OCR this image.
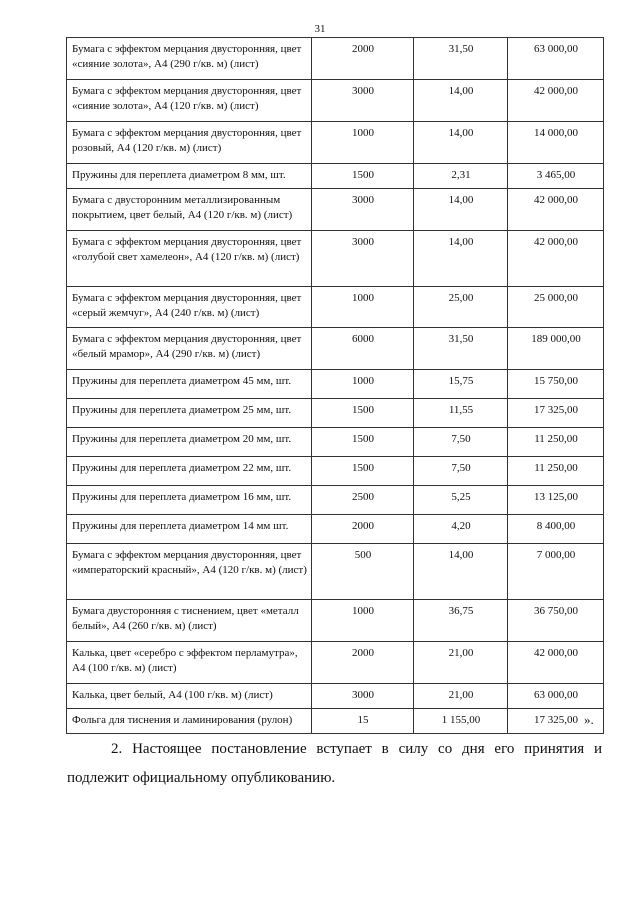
31
Бумага с эффектом мерцания двусторонняя, цвет «сияние золота», А4 (290 г/кв. м) (лист)	2000	31,50	63 000,00
Бумага с эффектом мерцания двусторонняя, цвет «сияние золота», А4 (120 г/кв. м) (лист)	3000	14,00	42 000,00
Бумага с эффектом мерцания двусторонняя, цвет розовый, А4 (120 г/кв. м) (лист)	1000	14,00	14 000,00
Пружины для переплета диаметром 8 мм, шт.	1500	2,31	3 465,00
Бумага с двусторонним металлизированным покрытием, цвет белый, А4 (120 г/кв. м) (лист)	3000	14,00	42 000,00
Бумага с эффектом мерцания двусторонняя, цвет «голубой свет хамелеон», А4 (120 г/кв. м) (лист)	3000	14,00	42 000,00
Бумага с эффектом мерцания двусторонняя, цвет «серый жемчуг», А4 (240 г/кв. м) (лист)	1000	25,00	25 000,00
Бумага с эффектом мерцания двусторонняя, цвет «белый мрамор», А4 (290 г/кв. м) (лист)	6000	31,50	189 000,00
Пружины для переплета диаметром 45 мм, шт.	1000	15,75	15 750,00
Пружины для переплета диаметром 25 мм, шт.	1500	11,55	17 325,00
Пружины для переплета диаметром 20 мм, шт.	1500	7,50	11 250,00
Пружины для переплета диаметром 22 мм, шт.	1500	7,50	11 250,00
Пружины для переплета диаметром 16 мм, шт.	2500	5,25	13 125,00
Пружины для переплета диаметром 14 мм шт.	2000	4,20	8 400,00
Бумага с эффектом мерцания двусторонняя, цвет «императорский красный», А4 (120 г/кв. м) (лист)	500	14,00	7 000,00
Бумага двусторонняя с тиснением, цвет «металл белый», А4 (260 г/кв. м) (лист)	1000	36,75	36 750,00
Калька, цвет «серебро с эффектом перламутра», А4 (100 г/кв. м) (лист)	2000	21,00	42 000,00
Калька, цвет белый, А4 (100 г/кв. м) (лист)	3000	21,00	63 000,00
Фольга для тиснения и ламинирования (рулон)	15	1 155,00	17 325,00 ».

2. Настоящее постановление вступает в силу со дня его принятия и подлежит официальному опубликованию.
